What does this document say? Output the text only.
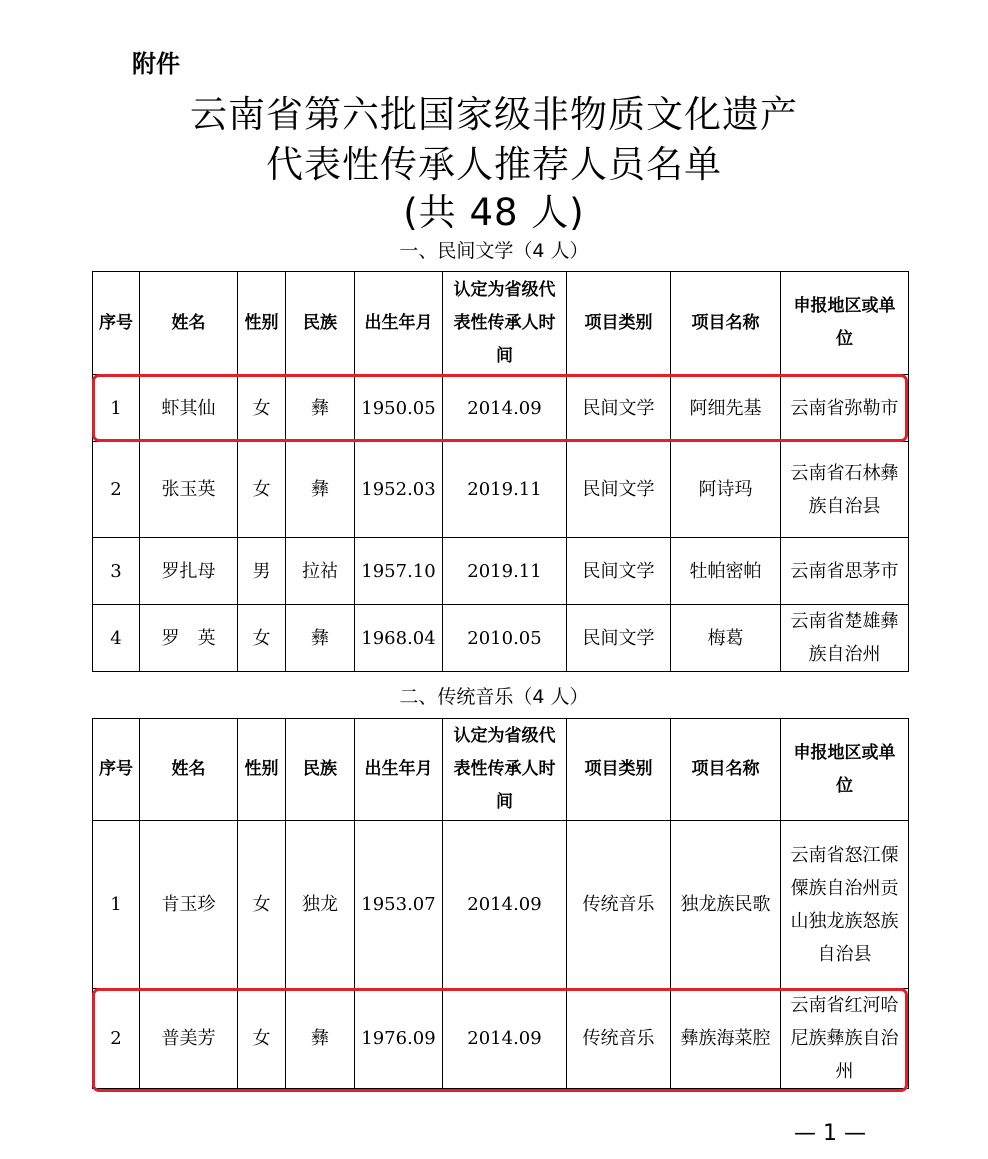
附件
云南省第六批国家级非物质文化遗产
代表性传承人推荐人员名单
(共 48 人)
一、民间文学（4 人）
序号	姓名	性别	民族	出生年月	认定为省级代表性传承人时间	项目类别	项目名称	申报地区或单位
1	虾其仙	女	彝	1950.05	2014.09	民间文学	阿细先基	云南省弥勒市
2	张玉英	女	彝	1952.03	2019.11	民间文学	阿诗玛	云南省石林彝族自治县
3	罗扎母	男	拉祜	1957.10	2019.11	民间文学	牡帕密帕	云南省思茅市
4	罗　英	女	彝	1968.04	2010.05	民间文学	梅葛	云南省楚雄彝族自治州
二、传统音乐（4 人）
序号	姓名	性别	民族	出生年月	认定为省级代表性传承人时间	项目类别	项目名称	申报地区或单位
1	肯玉珍	女	独龙	1953.07	2014.09	传统音乐	独龙族民歌	云南省怒江傈僳族自治州贡山独龙族怒族自治县
2	普美芳	女	彝	1976.09	2014.09	传统音乐	彝族海菜腔	云南省红河哈尼族彝族自治州
— 1 —
